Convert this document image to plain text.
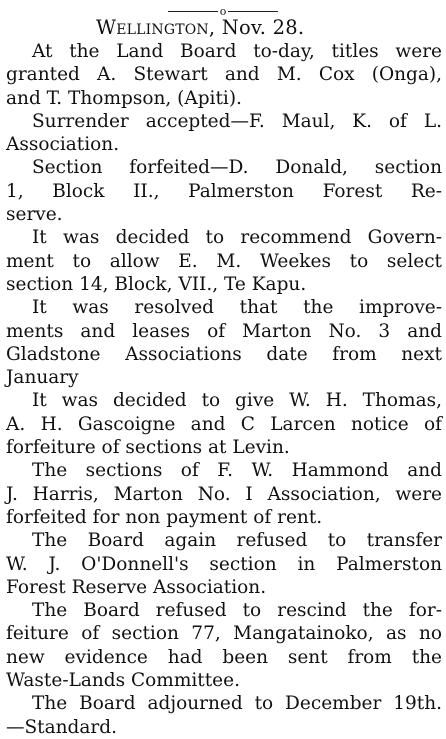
o
Wellington, Nov. 28.
At the Land Board to-day, titles were
granted A. Stewart and M. Cox (Onga),
and T. Thompson, (Apiti).
Surrender accepted—F. Maul, K. of L.
Association.
Section forfeited—D. Donald, section
1, Block II., Palmerston Forest Re-
serve.
It was decided to recommend Govern-
ment to allow E. M. Weekes to select
section 14, Block, VII., Te Kapu.
It was resolved that the improve-
ments and leases of Marton No. 3 and
Gladstone Associations date from next
January
It was decided to give W. H. Thomas,
A. H. Gascoigne and C Larcen notice of
forfeiture of sections at Levin.
The sections of F. W. Hammond and
J. Harris, Marton No. I Association, were
forfeited for non payment of rent.
The Board again refused to transfer
W. J. O'Donnell's section in Palmerston
Forest Reserve Association.
The Board refused to rescind the for-
feiture of section 77, Mangatainoko, as no
new evidence had been sent from the
Waste-Lands Committee.
The Board adjourned to December 19th.
—Standard.
